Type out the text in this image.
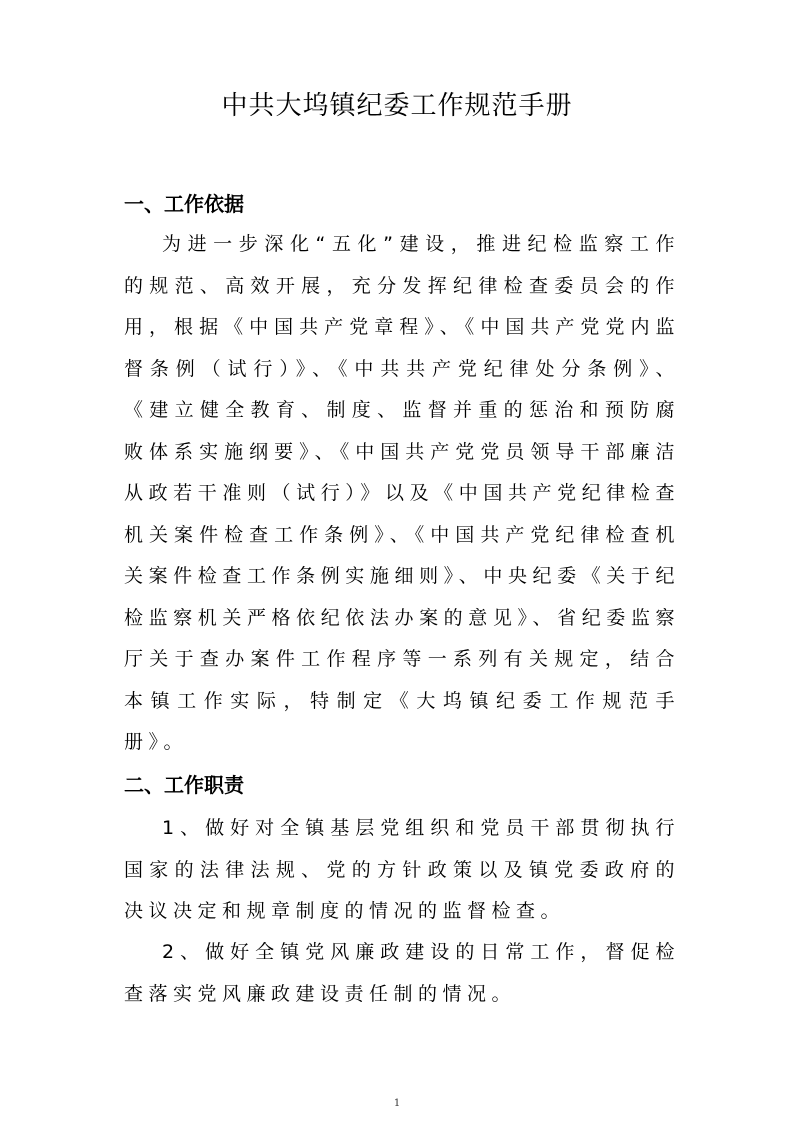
中共大坞镇纪委工作规范手册
一、工作依据
为进一步深化“五化”建设，推进纪检监察工作的规范、高效开展，充分发挥纪律检查委员会的作用，根据《中国共产党章程》、《中国共产党党内监督条例（试行）》、《中共共产党纪律处分条例》、《建立健全教育、制度、监督并重的惩治和预防腐败体系实施纲要》、《中国共产党党员领导干部廉洁从政若干准则（试行）》以及《中国共产党纪律检查机关案件检查工作条例》、《中国共产党纪律检查机关案件检查工作条例实施细则》、中央纪委《关于纪检监察机关严格依纪依法办案的意见》、省纪委监察厅关于查办案件工作程序等一系列有关规定，结合本镇工作实际，特制定《大坞镇纪委工作规范手册》。
二、工作职责
1、做好对全镇基层党组织和党员干部贯彻执行国家的法律法规、党的方针政策以及镇党委政府的决议决定和规章制度的情况的监督检查。
2、做好全镇党风廉政建设的日常工作，督促检查落实党风廉政建设责任制的情况。
1
